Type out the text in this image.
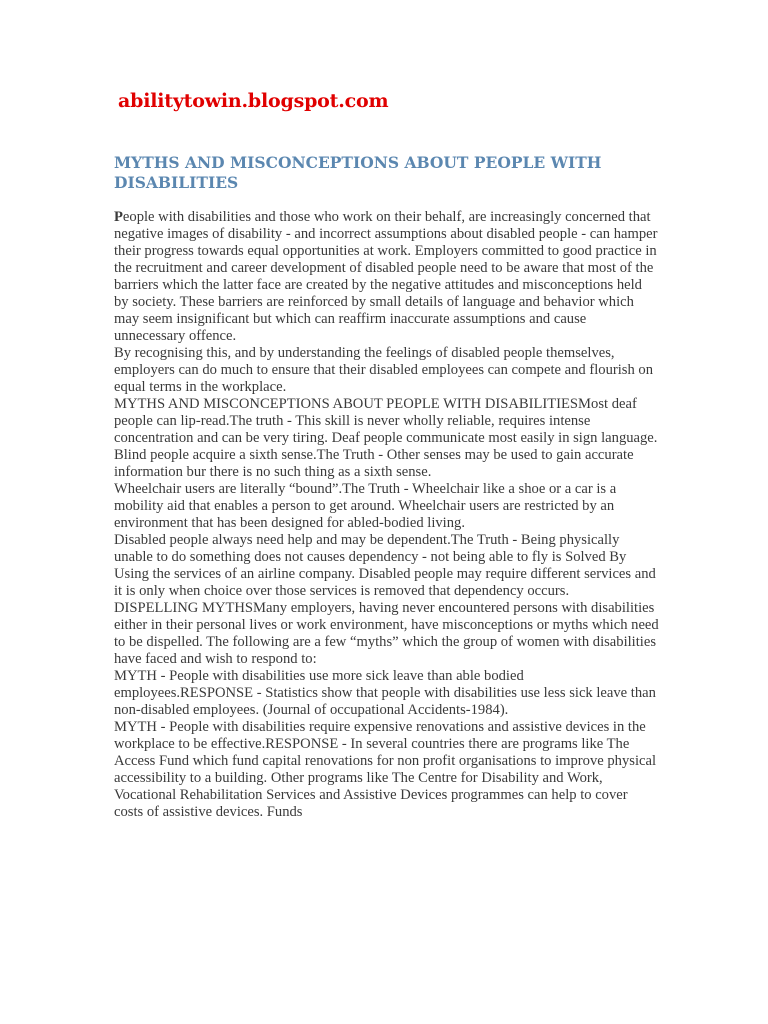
abilitytowin.blogspot.com
MYTHS AND MISCONCEPTIONS ABOUT PEOPLE WITH DISABILITIES

People with disabilities and those who work on their behalf, are increasingly concerned that negative images of disability - and incorrect assumptions about disabled people - can hamper their progress towards equal opportunities at work. Employers committed to good practice in the recruitment and career development of disabled people need to be aware that most of the barriers which the latter face are created by the negative attitudes and misconceptions held by society. These barriers are reinforced by small details of language and behavior which may seem insignificant but which can reaffirm inaccurate assumptions and cause unnecessary offence.

By recognising this, and by understanding the feelings of disabled people themselves, employers can do much to ensure that their disabled employees can compete and flourish on equal terms in the workplace.

MYTHS AND MISCONCEPTIONS ABOUT PEOPLE WITH DISABILITIESMost deaf people can lip-read.The truth - This skill is never wholly reliable, requires intense concentration and can be very tiring. Deaf people communicate most easily in sign language.

Blind people acquire a sixth sense.The Truth - Other senses may be used to gain accurate information bur there is no such thing as a sixth sense.

Wheelchair users are literally “bound”.The Truth - Wheelchair like a shoe or a car is a mobility aid that enables a person to get around. Wheelchair users are restricted by an environment that has been designed for abled-bodied living.

Disabled people always need help and may be dependent.The Truth - Being physically unable to do something does not causes dependency - not being able to fly is Solved By Using the services of an airline company. Disabled people may require different services and it is only when choice over those services is removed that dependency occurs.

DISPELLING MYTHSMany employers, having never encountered persons with disabilities either in their personal lives or work environment, have misconceptions or myths which need to be dispelled. The following are a few “myths” which the group of women with disabilities have faced and wish to respond to:

MYTH - People with disabilities use more sick leave than able bodied employees.RESPONSE - Statistics show that people with disabilities use less sick leave than non-disabled employees. (Journal of occupational Accidents-1984).

MYTH - People with disabilities require expensive renovations and assistive devices in the workplace to be effective.RESPONSE - In several countries there are programs like The Access Fund which fund capital renovations for non profit organisations to improve physical accessibility to a building. Other programs like The Centre for Disability and Work, Vocational Rehabilitation Services and Assistive Devices programmes can help to cover costs of assistive devices. Funds
